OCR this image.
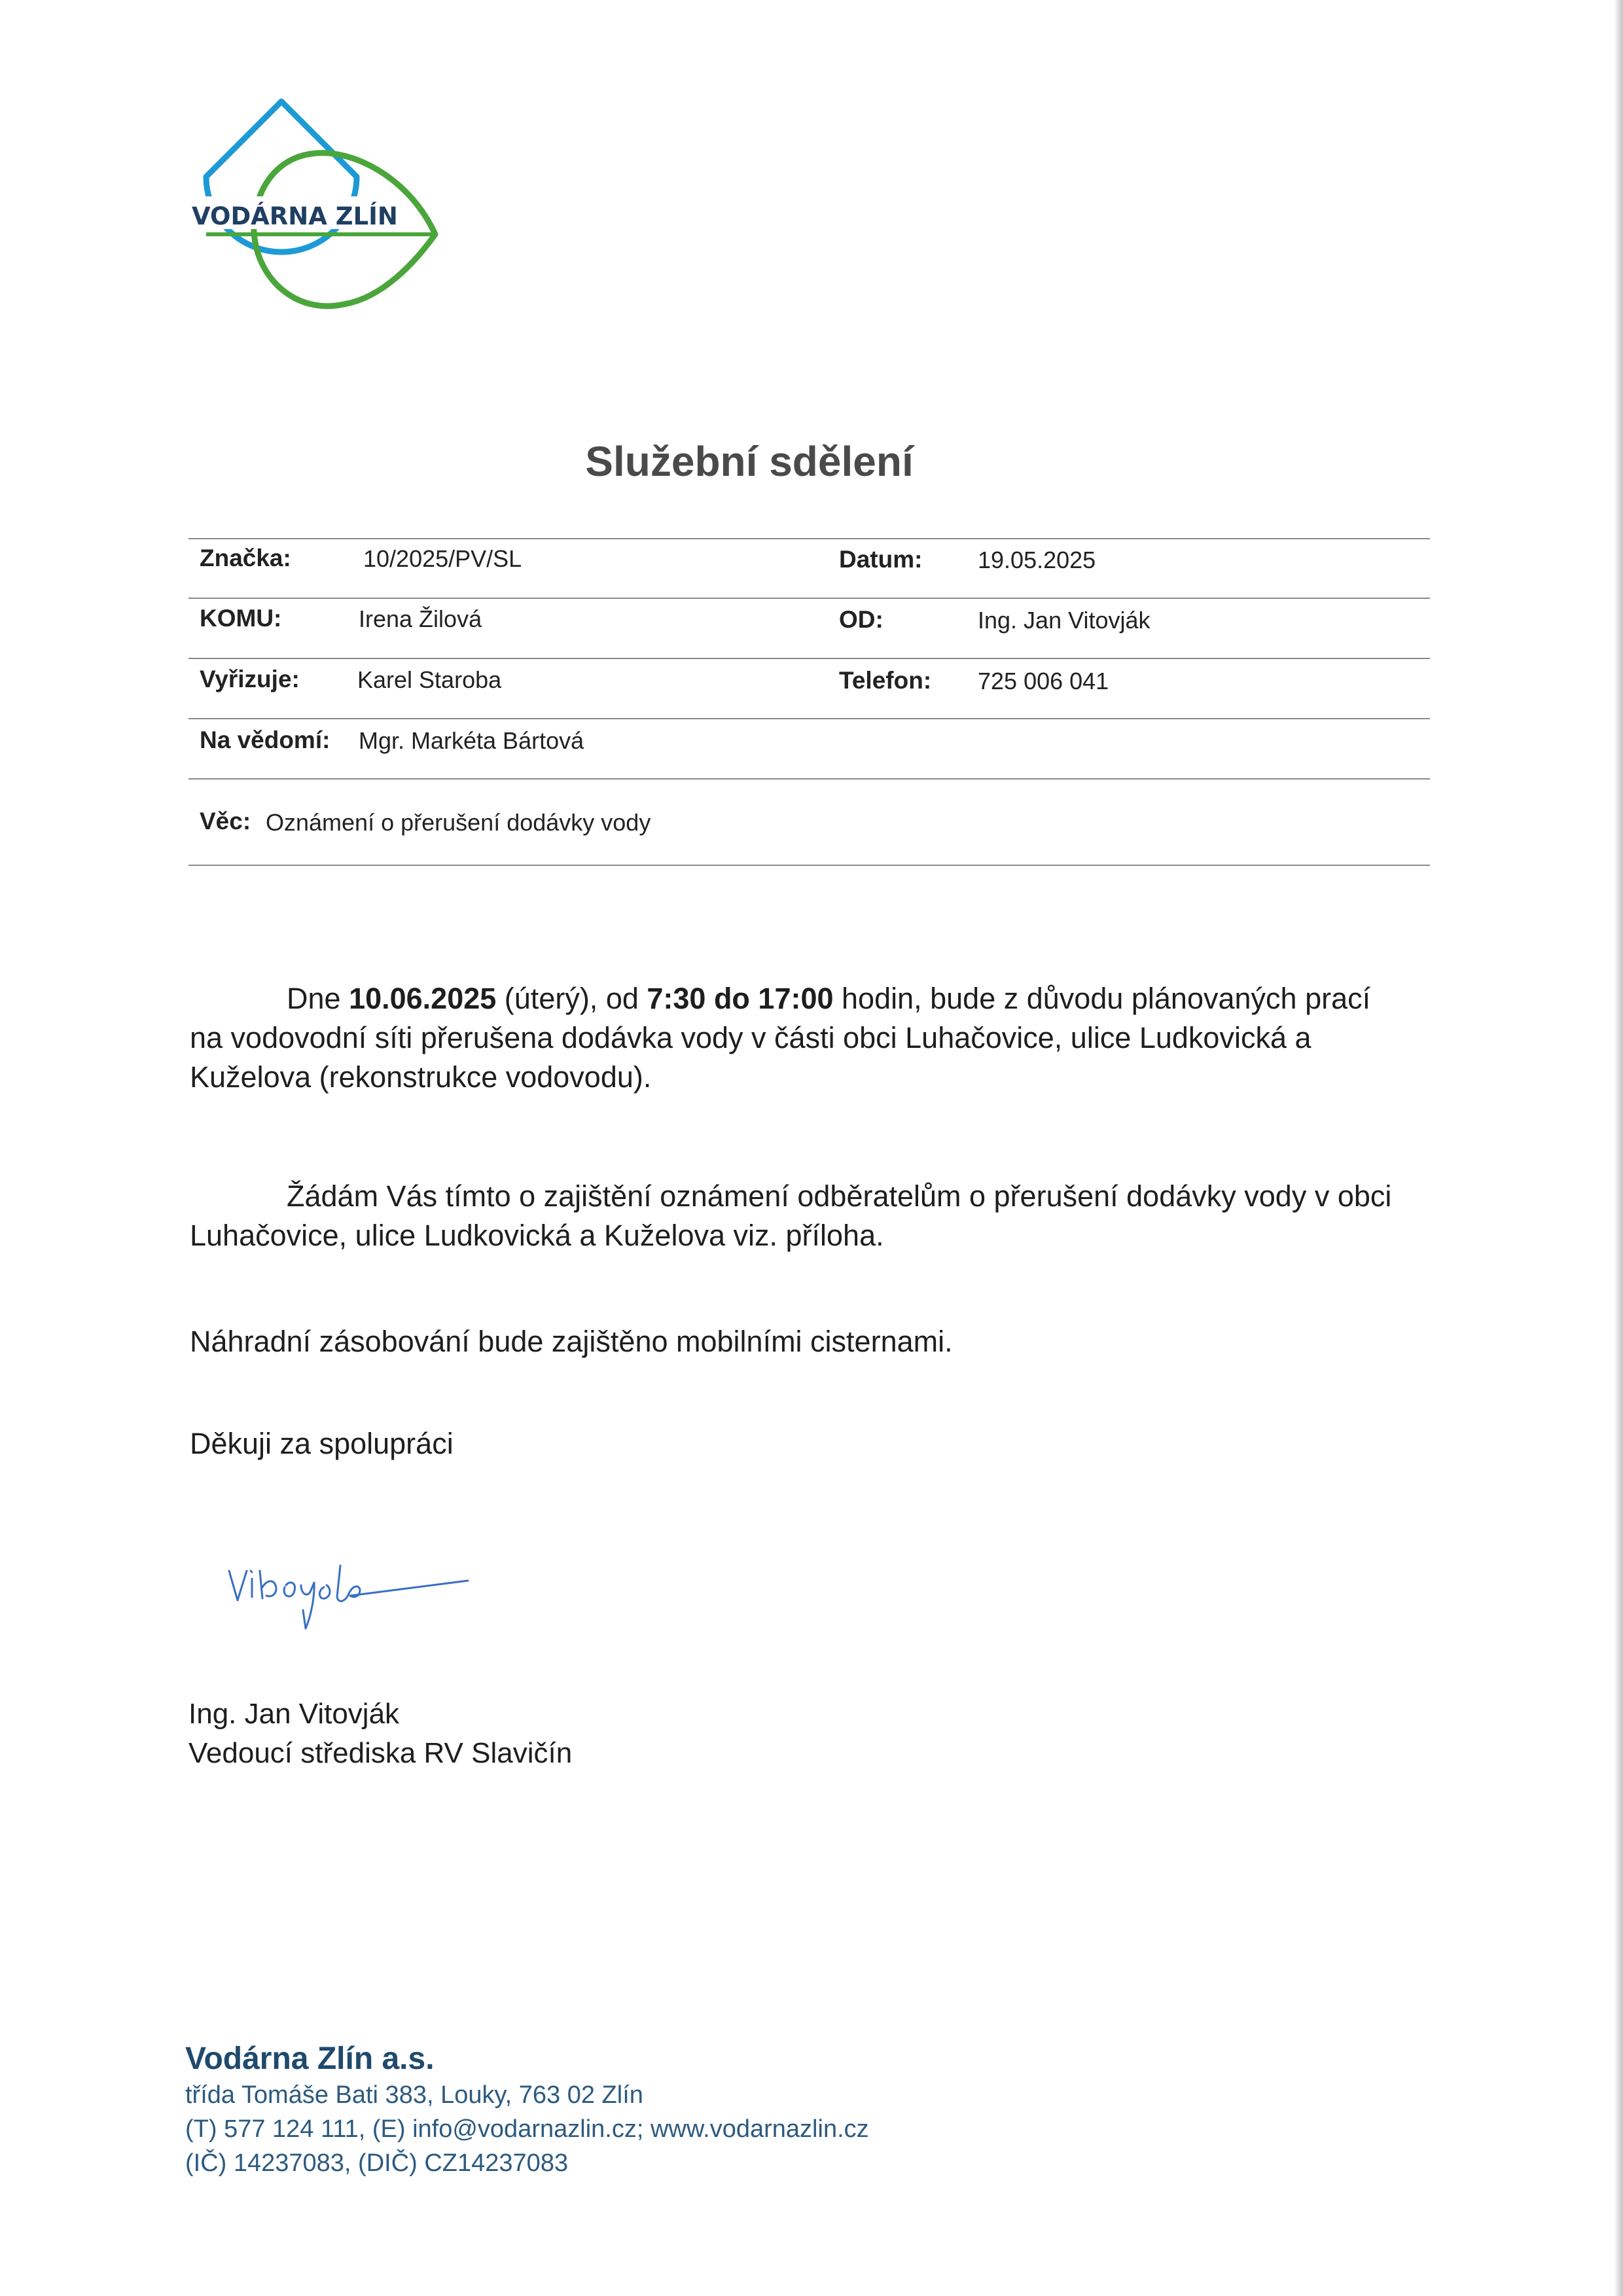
VODÁRNA ZLÍN
Služební sdělení
Značka:	10/2025/PV/SL	Datum: 19.05.2025
KOMU:	Irena Žilová	OD:	Ing. Jan Vitovják
Vyřizuje: Karel Staroba	Telefon: 725 006 041
Na vědomí: Mgr. Markéta Bártová
Věc: Oznámení o přerušení dodávky vody

Dne 10.06.2025 (úterý), od 7:30 do 17:00 hodin, bude z důvodu plánovaných prací

na vodovodní síti přerušena dodávka vody v části obci Luhačovice, ulice Ludkovická a

Kuželova (rekonstrukce vodovodu).

Žádám Vás tímto o zajištění oznámení odběratelům o přerušení dodávky vody v obci

Luhačovice, ulice Ludkovická a Kuželova viz. příloha.

Náhradní zásobování bude zajištěno mobilními cisternami.
Děkuji za spolupráci
Ing. Jan Vitovják
Vedoucí střediska RV Slavičín
Vodárna Zlín a.s.
třída Tomáše Bati 383, Louky, 763 02 Zlín
(T) 577 124 111, (E) info@vodarnazlin.cz; www.vodarnazlin.cz
(IČ) 14237083, (DIČ) CZ14237083
